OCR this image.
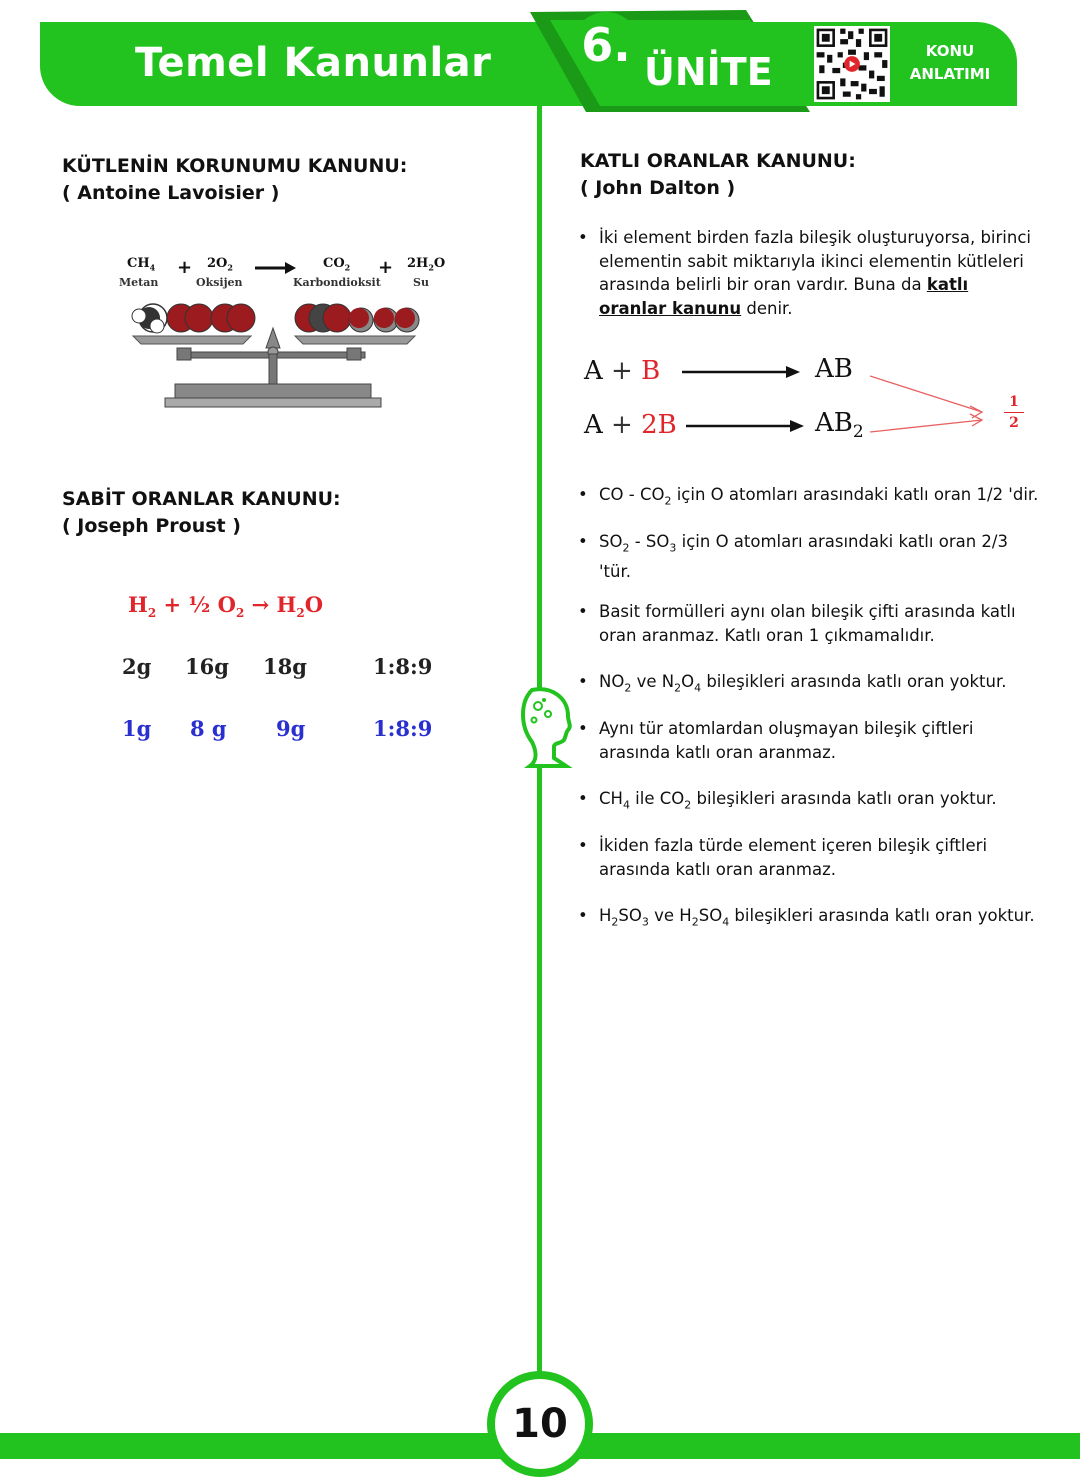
Temel Kanunlar 6. ÜNİTE	KONU
ANLATIMI
KÜTLENİN KORUNUMU KANUNU:
( Antoine Lavoisier )
$CH_4 + 2O_2 \to CO_2 + 2H_2O$
Metan	Oksijen	Karbondioksit	Su
SABİT ORANLAR KANUNU:
( Joseph Proust )
$H_2$ + ½ $O_2 \to H_2O$
2g 16g 18g	1:8:9
1g 8 g 9g	1:8:9
KATLI ORANLAR KANUNU:
( John Dalton )
• İki element birden fazla bileşik oluşturuyorsa, birinci elementin sabit miktarıyla ikinci elementin kütleleri arasında belirli bir oran vardır. Buna da katlı oranlar kanunu denir.
A + B	AB
A + 2B	$AB_2$
1
2
• CO - $CO_2$ için O atomları arasındaki katlı oran 1/2 'dir.
• $SO_2 - SO_3$ için O atomları arasındaki katlı oran 2/3 'tür.
• Basit formülleri aynı olan bileşik çifti arasında katlı oran aranmaz. Katlı oran 1 çıkmamalıdır.
• $NO_2$ ve $N_2O_4$ bileşikleri arasında katlı oran yoktur.
• Aynı tür atomlardan oluşmayan bileşik çiftleri arasında katlı oran aranmaz.
• $CH_4$ ile $CO_2$ bileşikleri arasında katlı oran yoktur.
• İkiden fazla türde element içeren bileşik çiftleri arasında katlı oran aranmaz.
• $H_2SO_3$ ve $H_2SO_4$ bileşikleri arasında katlı oran yoktur.
10
